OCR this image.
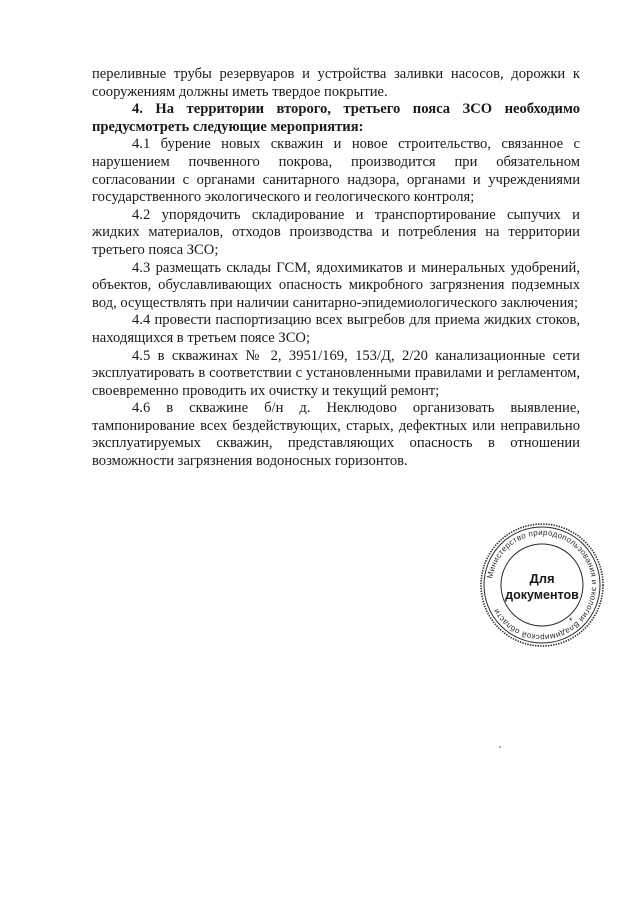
переливные трубы резервуаров и устройства заливки насосов, дорожки к сооружениям должны иметь твердое покрытие.

4. На территории второго, третьего пояса ЗСО необходимо предусмотреть следующие мероприятия:

4.1 бурение новых скважин и новое строительство, связанное с нарушением почвенного покрова, производится при обязательном согласовании с органами санитарного надзора, органами и учреждениями государственного экологического и геологического контроля;

4.2 упорядочить складирование и транспортирование сыпучих и жидких материалов, отходов производства и потребления на территории третьего пояса ЗСО;

4.3 размещать склады ГСМ, ядохимикатов и минеральных удобрений, объектов, обуславливающих опасность микробного загрязнения подземных вод, осуществлять при наличии санитарно-эпидемиологического заключения;

4.4 провести паспортизацию всех выгребов для приема жидких стоков, находящихся в третьем поясе ЗСО;

4.5 в скважинах № 2, 3951/169, 153/Д, 2/20 канализационные сети эксплуатировать в соответствии с установленными правилами и регламентом, своевременно проводить их очистку и текущий ремонт;

4.6 в скважине б/н д. Неклюдово организовать выявление, тампонирование всех бездействующих, старых, дефектных или неправильно эксплуатируемых скважин, представляющих опасность в отношении возможности загрязнения водоносных горизонтов.

Министерство природопользования и экологии Владимирской области
*
Для
документов
